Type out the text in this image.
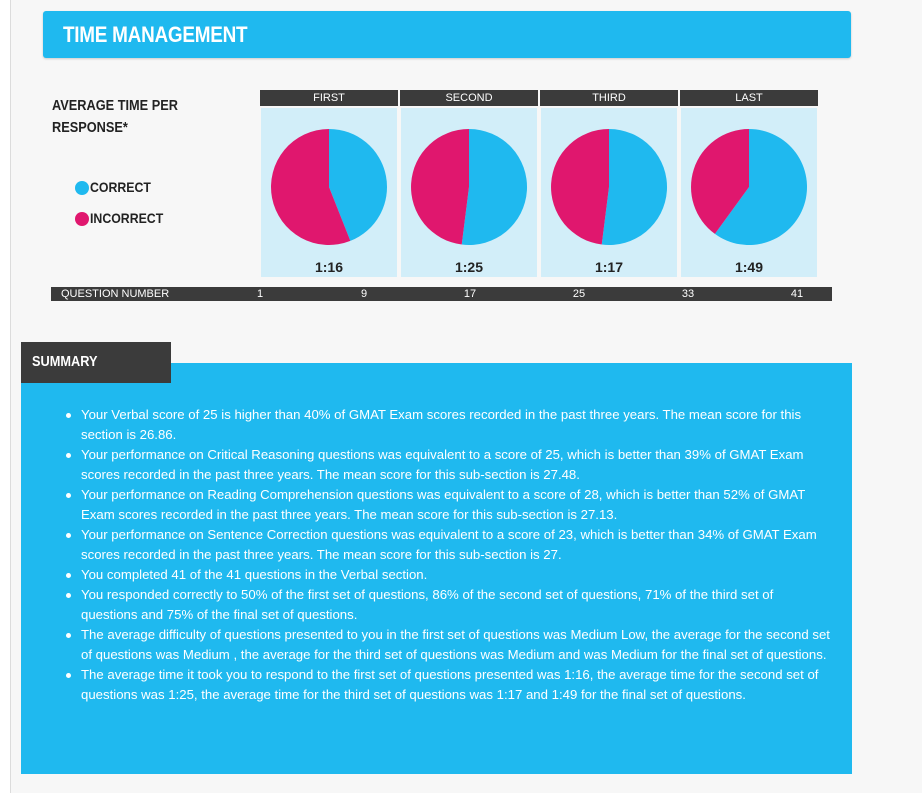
TIME MANAGEMENT
AVERAGE TIME PER RESPONSE*
CORRECT
INCORRECT
FIRST
1:16
SECOND
1:25
THIRD
1:17
LAST
1:49
QUESTION NUMBER	1	9	17	25	33	41
SUMMARY
Your Verbal score of 25 is higher than 40% of GMAT Exam scores recorded in the past three years. The mean score for this section is 26.86.
Your performance on Critical Reasoning questions was equivalent to a score of 25, which is better than 39% of GMAT Exam scores recorded in the past three years. The mean score for this sub-section is 27.48.
Your performance on Reading Comprehension questions was equivalent to a score of 28, which is better than 52% of GMAT Exam scores recorded in the past three years. The mean score for this sub-section is 27.13.
Your performance on Sentence Correction questions was equivalent to a score of 23, which is better than 34% of GMAT Exam scores recorded in the past three years. The mean score for this sub-section is 27.
You completed 41 of the 41 questions in the Verbal section.
You responded correctly to 50% of the first set of questions, 86% of the second set of questions, 71% of the third set of questions and 75% of the final set of questions.
The average difficulty of questions presented to you in the first set of questions was Medium Low, the average for the second set of questions was Medium , the average for the third set of questions was Medium and was Medium for the final set of questions.
The average time it took you to respond to the first set of questions presented was 1:16, the average time for the second set of questions was 1:25, the average time for the third set of questions was 1:17 and 1:49 for the final set of questions.
